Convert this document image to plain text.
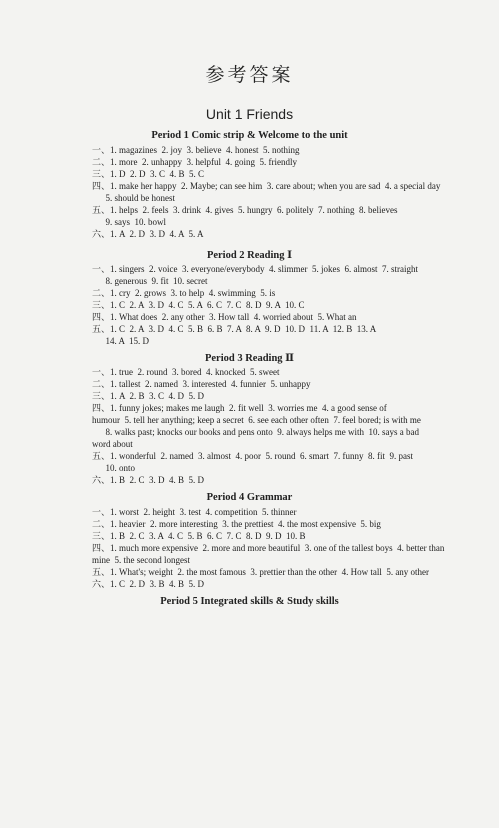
参考答案
Unit 1 Friends
Period 1 Comic strip & Welcome to the unit
一、1. magazines  2. joy  3. believe  4. honest  5. nothing
二、1. more  2. unhappy  3. helpful  4. going  5. friendly
三、1. D  2. D  3. C  4. B  5. C
四、1. make her happy  2. Maybe; can see him  3. care about; when you are sad  4. a special day
5. should be honest
五、1. helps  2. feels  3. drink  4. gives  5. hungry  6. politely  7. nothing  8. believes
9. says  10. bowl
六、1. A  2. D  3. D  4. A  5. A
Period 2 Reading Ⅰ
一、1. singers  2. voice  3. everyone/everybody  4. slimmer  5. jokes  6. almost  7. straight
8. generous  9. fit  10. secret
二、1. cry  2. grows  3. to help  4. swimming  5. is
三、1. C  2. A  3. D  4. C  5. A  6. C  7. C  8. D  9. A  10. C
四、1. What does  2. any other  3. How tall  4. worried about  5. What an
五、1. C  2. A  3. D  4. C  5. B  6. B  7. A  8. A  9. D  10. D  11. A  12. B  13. A
14. A  15. D
Period 3 Reading Ⅱ
一、1. true  2. round  3. bored  4. knocked  5. sweet
二、1. tallest  2. named  3. interested  4. funnier  5. unhappy
三、1. A  2. B  3. C  4. D  5. D
四、1. funny jokes; makes me laugh  2. fit well  3. worries me  4. a good sense of
humour  5. tell her anything; keep a secret  6. see each other often  7. feel bored; is with me
8. walks past; knocks our books and pens onto  9. always helps me with  10. says a bad
word about
五、1. wonderful  2. named  3. almost  4. poor  5. round  6. smart  7. funny  8. fit  9. past
10. onto
六、1. B  2. C  3. D  4. B  5. D
Period 4 Grammar
一、1. worst  2. height  3. test  4. competition  5. thinner
二、1. heavier  2. more interesting  3. the prettiest  4. the most expensive  5. big
三、1. B  2. C  3. A  4. C  5. B  6. C  7. C  8. D  9. D  10. B
四、1. much more expensive  2. more and more beautiful  3. one of the tallest boys  4. better than
mine  5. the second longest
五、1. What's; weight  2. the most famous  3. prettier than the other  4. How tall  5. any other
六、1. C  2. D  3. B  4. B  5. D
Period 5 Integrated skills & Study skills
